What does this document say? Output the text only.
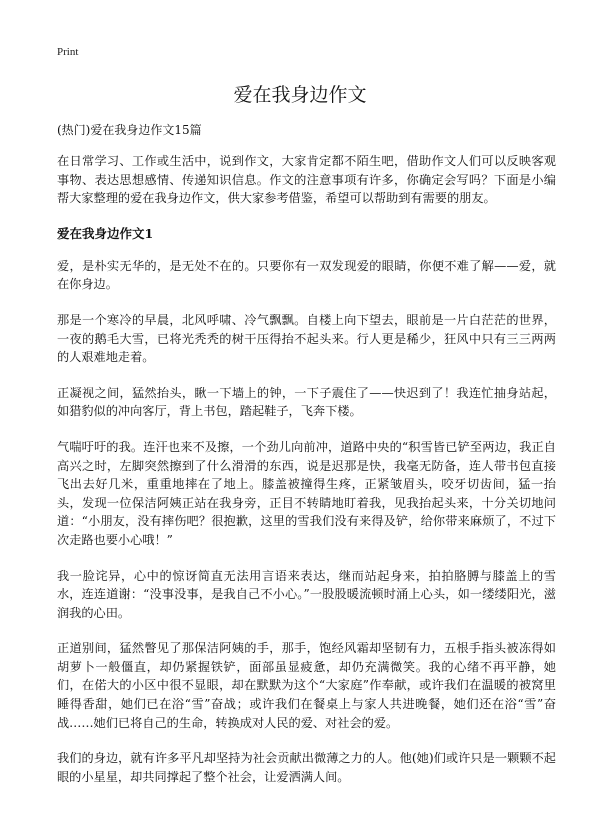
Print
爱在我身边作文
(热门)爱在我身边作文15篇

在日常学习、工作或生活中，说到作文，大家肯定都不陌生吧，借助作文人们可以反映客观事物、表达思想感情、传递知识信息。作文的注意事项有许多，你确定会写吗？下面是小编帮大家整理的爱在我身边作文，供大家参考借鉴，希望可以帮助到有需要的朋友。

爱在我身边作文1

爱，是朴实无华的，是无处不在的。只要你有一双发现爱的眼睛，你便不难了解——爱，就在你身边。

那是一个寒冷的早晨，北风呼啸、冷气飘飘。自楼上向下望去，眼前是一片白茫茫的世界，一夜的鹅毛大雪，已将光秃秃的树干压得抬不起头来。行人更是稀少，狂风中只有三三两两的人艰难地走着。

正凝视之间，猛然抬头，瞅一下墙上的钟，一下子震住了——快迟到了！我连忙抽身站起，如猎豹似的冲向客厅，背上书包，踏起鞋子，飞奔下楼。

气喘吁吁的我。连汗也来不及擦，一个劲儿向前冲，道路中央的“积雪皆已铲至两边，我正自高兴之时，左脚突然擦到了什么滑滑的东西，说是迟那是快，我毫无防备，连人带书包直接飞出去好几米，重重地摔在了地上。膝盖被撞得生疼，正紧皱眉头，咬牙切齿间，猛一抬头，发现一位保洁阿姨正站在我身旁，正目不转睛地盯着我，见我抬起头来，十分关切地问道：“小朋友，没有摔伤吧？很抱歉，这里的雪我们没有来得及铲，给你带来麻烦了，不过下次走路也要小心哦！”

我一脸诧异，心中的惊讶简直无法用言语来表达，继而站起身来，拍拍胳膊与膝盖上的雪水，连连道谢：“没事没事，是我自己不小心。”一股股暖流顿时涌上心头，如一缕缕阳光，滋润我的心田。

正道别间，猛然瞥见了那保洁阿姨的手，那手，饱经风霜却坚韧有力，五根手指头被冻得如胡萝卜一般僵直，却仍紧握铁铲，面部虽显疲惫，却仍充满微笑。我的心绪不再平静，她们，在偌大的小区中很不显眼，却在默默为这个“大家庭”作奉献，或许我们在温暖的被窝里睡得香甜，她们已在浴“雪”奋战；或许我们在餐桌上与家人共进晚餐，她们还在浴“雪”奋战……她们已将自己的生命，转换成对人民的爱、对社会的爱。

我们的身边，就有许多平凡却坚持为社会贡献出微薄之力的人。他(她)们或许只是一颗颗不起眼的小星星，却共同撑起了整个社会，让爱洒满人间。
